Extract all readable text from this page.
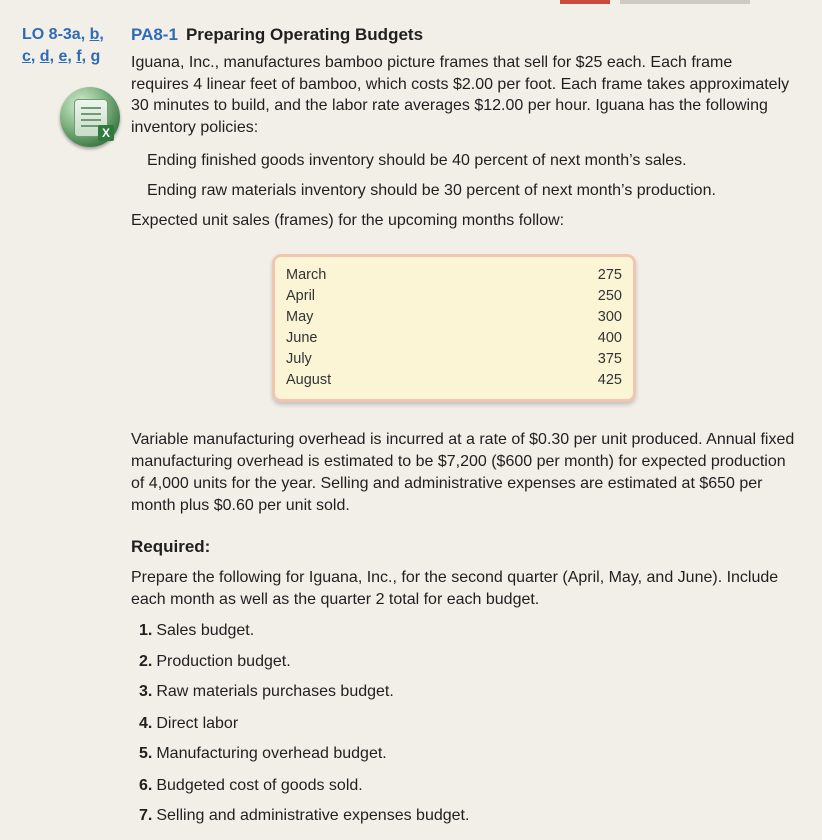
LO 8-3a, b,
c, d, e, f, g
PA8-1 Preparing Operating Budgets
Iguana, Inc., manufactures bamboo picture frames that sell for $25 each. Each frame requires 4 linear feet of bamboo, which costs $2.00 per foot. Each frame takes approximately 30 minutes to build, and the labor rate averages $12.00 per hour. Iguana has the following inventory policies:
X
Ending finished goods inventory should be 40 percent of next month’s sales.
Ending raw materials inventory should be 30 percent of next month’s production.
Expected unit sales (frames) for the upcoming months follow:
March	275
April	250
May	300
June	400
July	375
August	425
Variable manufacturing overhead is incurred at a rate of $0.30 per unit produced. Annual fixed manufacturing overhead is estimated to be $7,200 ($600 per month) for expected production of 4,000 units for the year. Selling and administrative expenses are estimated at $650 per month plus $0.60 per unit sold.
Required:
Prepare the following for Iguana, Inc., for the second quarter (April, May, and June). Include each month as well as the quarter 2 total for each budget.
1. Sales budget.
2. Production budget.
3. Raw materials purchases budget.
4. Direct labor
5. Manufacturing overhead budget.
6. Budgeted cost of goods sold.
7. Selling and administrative expenses budget.
